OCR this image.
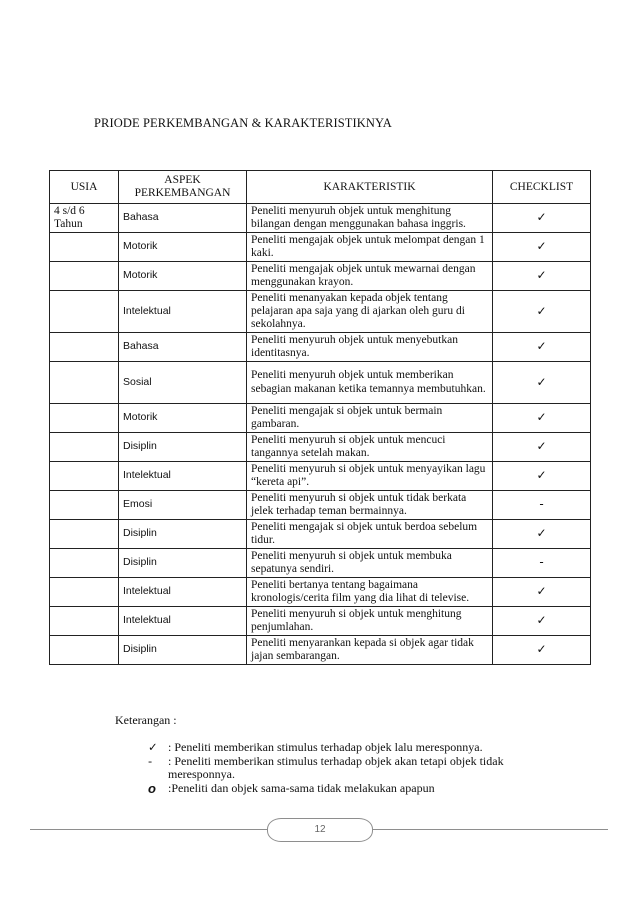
PRIODE PERKEMBANGAN & KARAKTERISTIKNYA
USIA	ASPEK PERKEMBANGAN	KARAKTERISTIK	CHECKLIST
4 s/d 6 Tahun	Bahasa	Peneliti menyuruh objek untuk menghitung bilangan dengan menggunakan bahasa inggris.	✓
	Motorik	Peneliti mengajak objek untuk melompat dengan 1 kaki.	✓
	Motorik	Peneliti mengajak objek untuk mewarnai dengan menggunakan krayon.	✓
	Intelektual	Peneliti menanyakan kepada objek tentang pelajaran apa saja yang di ajarkan oleh guru di sekolahnya.	✓
	Bahasa	Peneliti menyuruh objek untuk menyebutkan identitasnya.	✓
	Sosial	Peneliti menyuruh objek untuk memberikan sebagian makanan ketika temannya membutuhkan.	✓
	Motorik	Peneliti mengajak si objek untuk bermain gambaran.	✓
	Disiplin	Peneliti menyuruh si objek untuk mencuci tangannya setelah makan.	✓
	Intelektual	Peneliti menyuruh si objek untuk menyayikan lagu “kereta api”.	✓
	Emosi	Peneliti menyuruh si objek untuk tidak berkata jelek terhadap teman bermainnya.	-
	Disiplin	Peneliti mengajak si objek untuk berdoa sebelum tidur.	✓
	Disiplin	Peneliti menyuruh si objek untuk membuka sepatunya sendiri.	-
	Intelektual	Peneliti bertanya tentang bagaimana kronologis/cerita film yang dia lihat di televise.	✓
	Intelektual	Peneliti menyuruh si objek untuk menghitung penjumlahan.	✓
	Disiplin	Peneliti menyarankan kepada si objek agar tidak jajan sembarangan.	✓
Keterangan :
✓ : Peneliti memberikan stimulus terhadap objek lalu meresponnya.
-	: Peneliti memberikan stimulus terhadap objek akan tetapi objek tidak meresponnya.
o	:Peneliti dan objek sama-sama tidak melakukan apapun
12
